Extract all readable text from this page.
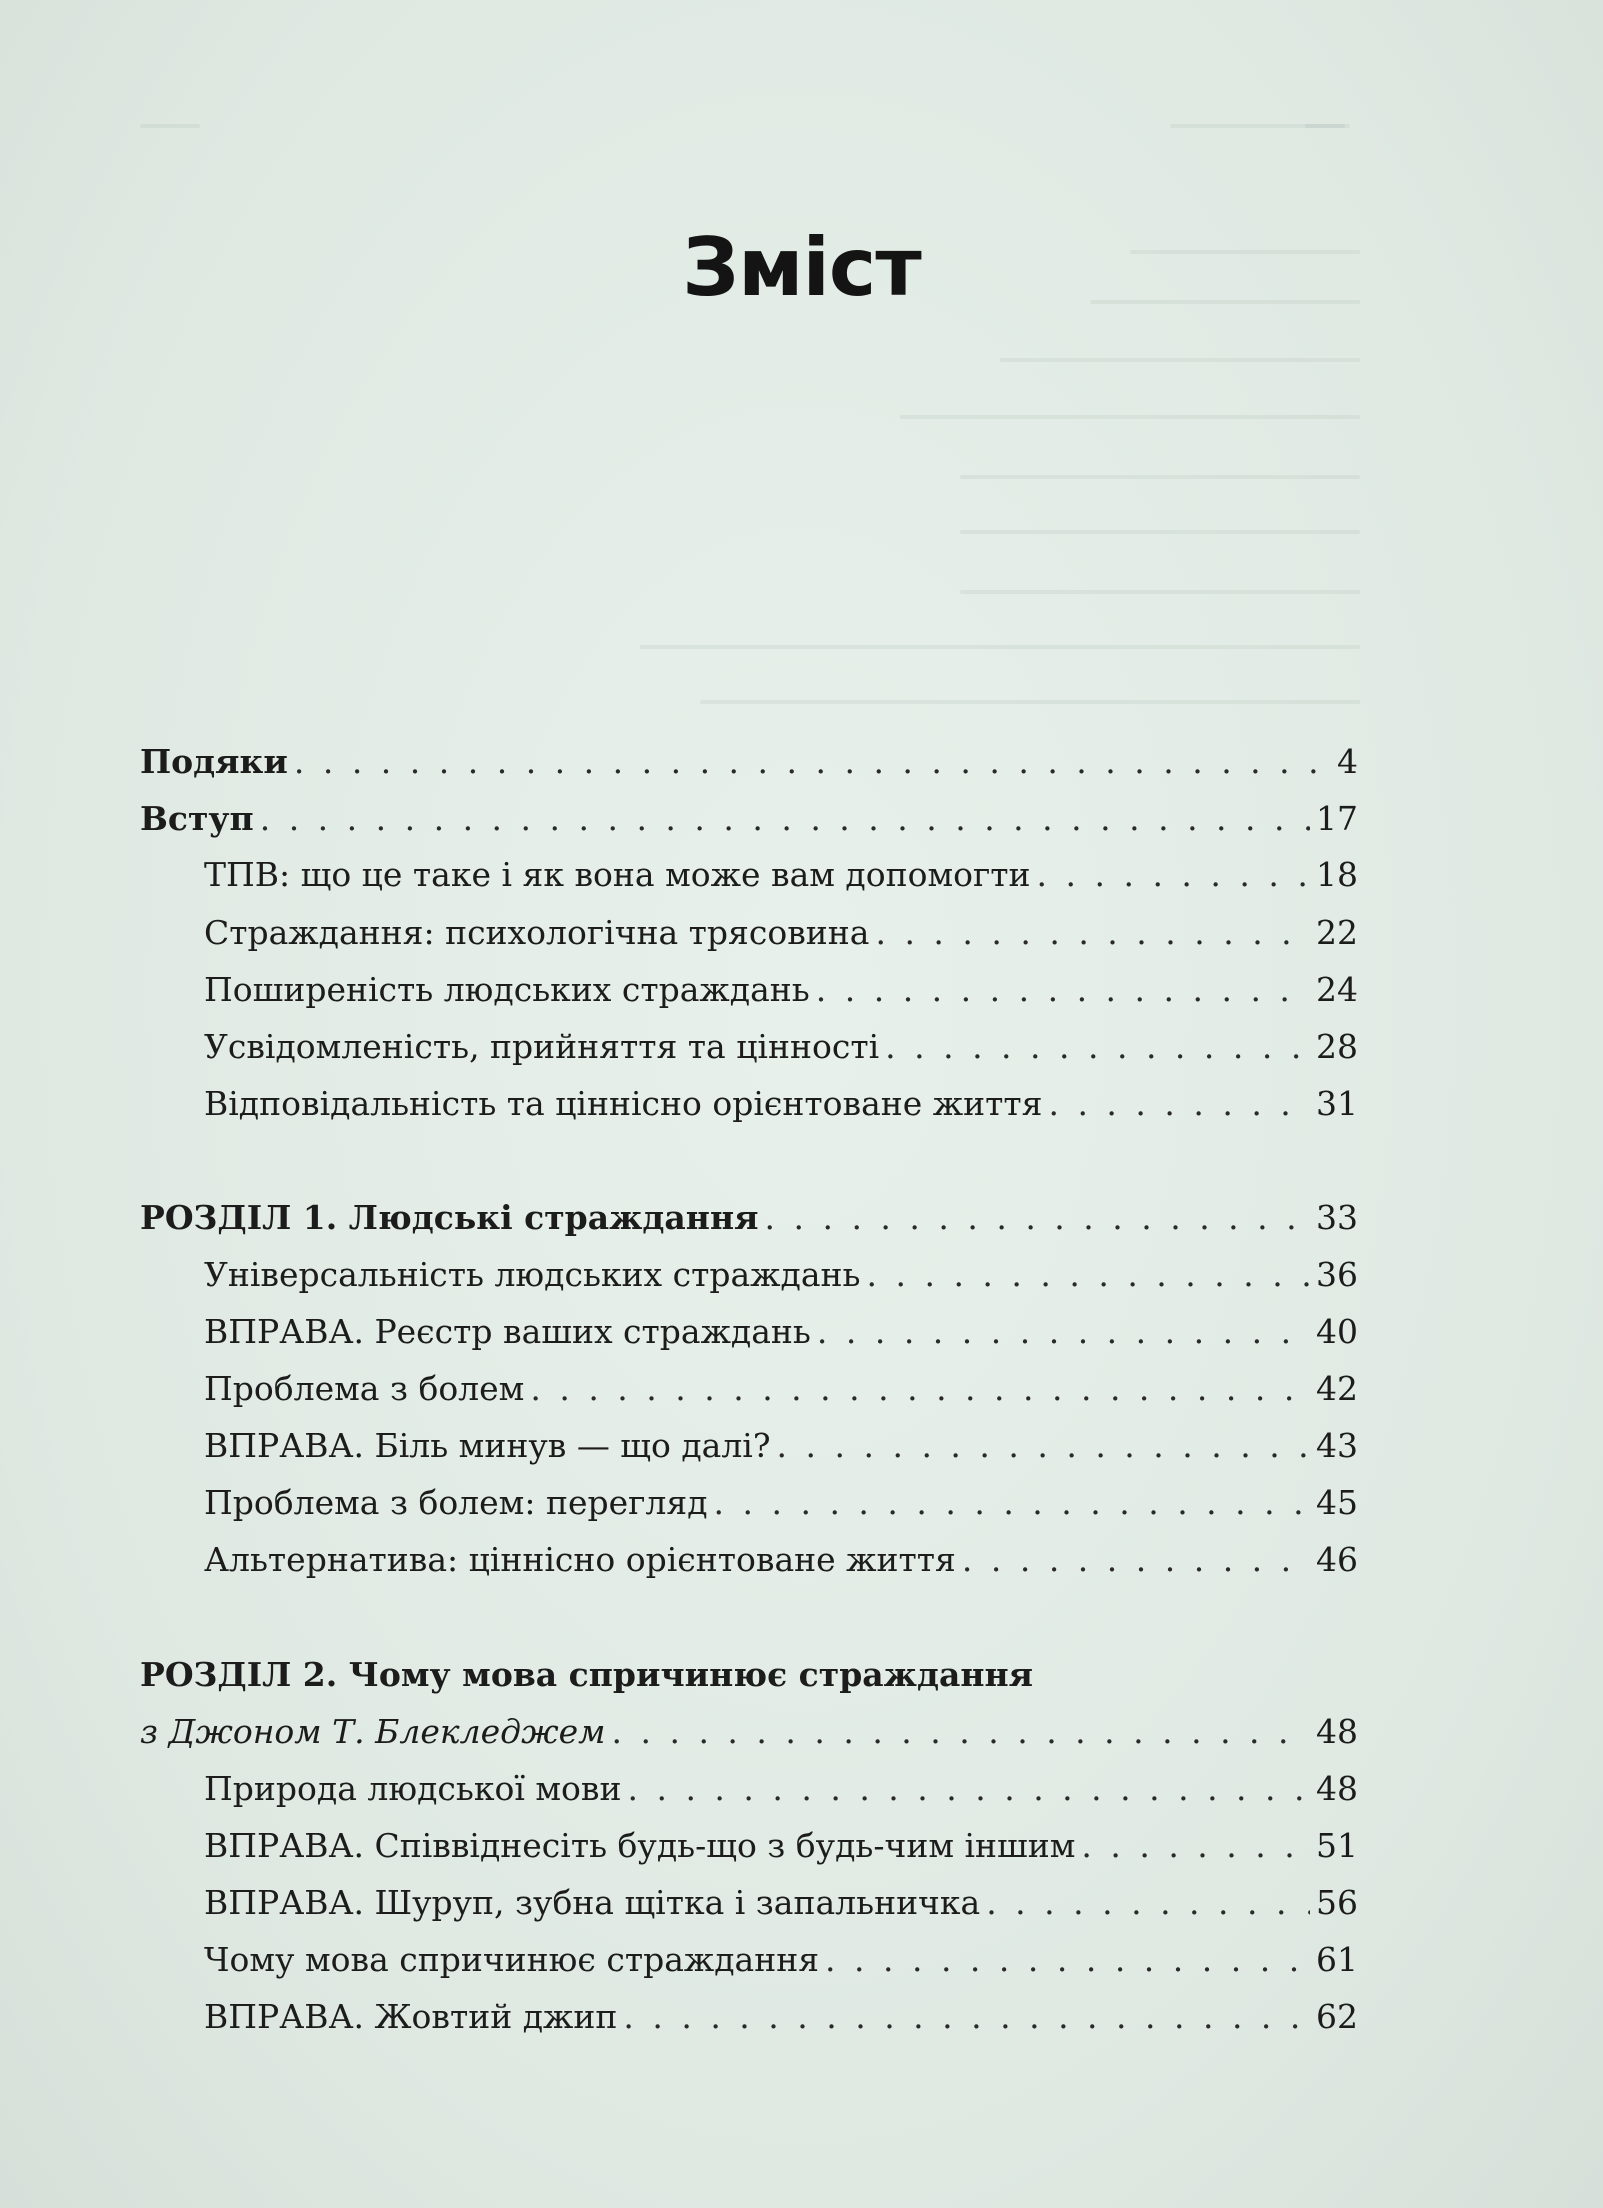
Зміст
Подяки . . .	4
Вступ . . .	17
ТПВ: що це таке і як вона може вам допомогти . . .	18
Страждання: психологічна трясовина . . .	22
Поширеність людських страждань . . .	24
Усвідомленість, прийняття та цінності . . .	28
Відповідальність та ціннісно орієнтоване життя . . .	31
РОЗДІЛ 1. Людські страждання . . .	33
Універсальність людських страждань . . .	36
ВПРАВА. Реєстр ваших страждань . . .	40
Проблема з болем . . .	42
ВПРАВА. Біль минув — що далі? . . .	43
Проблема з болем: перегляд . . .	45
Альтернатива: ціннісно орієнтоване життя . . .	46
РОЗДІЛ 2. Чому мова спричинює страждання
з Джоном Т. Блекледжем . . .	48
Природа людської мови . . .	48
ВПРАВА. Співвіднесіть будь-що з будь-чим іншим . . .	51
ВПРАВА. Шуруп, зубна щітка і запальничка . . .	56
Чому мова спричинює страждання . . .	61
ВПРАВА. Жовтий джип . . .	62
